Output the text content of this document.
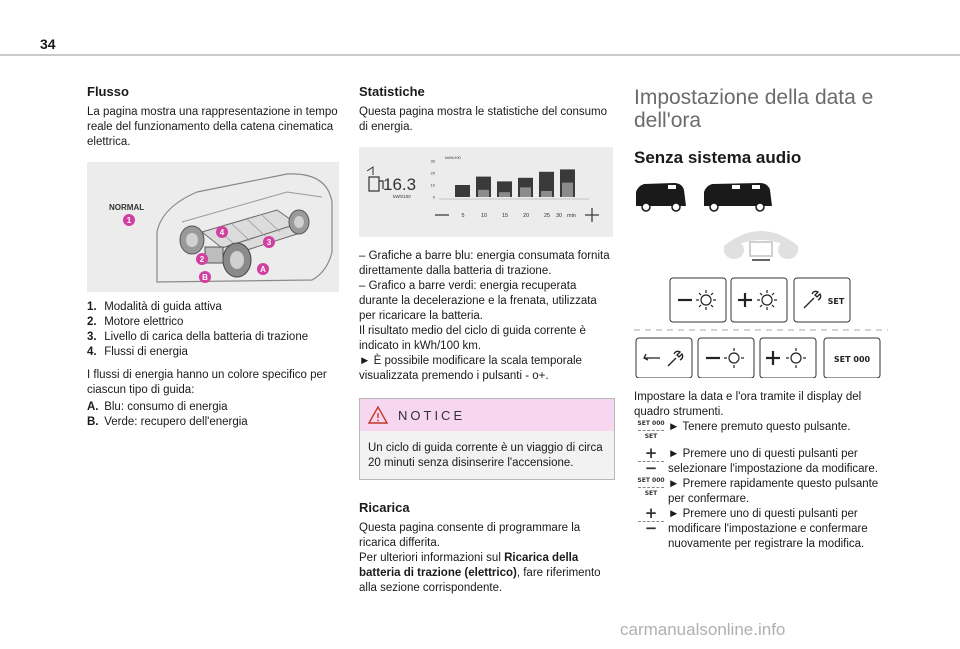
34
Flusso

La pagina mostra una rappresentazione in tempo reale del funzionamento della catena cinematica elettrica.

NORMAL
1
4
3
2
A
B
1. Modalità di guida attiva
2. Motore elettrico
3. Livello di carica della batteria di trazione
4. Flussi di energia

I flussi di energia hanno un colore specifico per ciascun tipo di guida:

A. Blu: consumo di energia
B. Verde: recupero dell'energia
Statistiche

Questa pagina mostra le statistiche del consumo di energia.

16.3
kWh/100
kWh/100
30
20
10
0
5	10	15	20	25 30 min

– Grafiche a barre blu: energia consumata fornita direttamente dalla batteria di trazione.

– Grafico a barre verdi: energia recuperata durante la decelerazione e la frenata, utilizzata per ricaricare la batteria.

Il risultato medio del ciclo di guida corrente è indicato in kWh/100 km.

► È possibile modificare la scala temporale visualizzata premendo i pulsanti - o+.

NOTICE
Un ciclo di guida corrente è un viaggio di circa 20 minuti senza disinserire l'accensione.
Ricarica

Questa pagina consente di programmare la ricarica differita.

Per ulteriori informazioni sul Ricarica della batteria di trazione (elettrico), fare riferimento alla sezione corrispondente.

Impostazione della data e dell'ora
Senza sistema audio
SET
SET 000

Impostare la data e l'ora tramite il display del quadro strumenti.

SET 000
SET
► Tenere premuto questo pulsante.
+
−
► Premere uno di questi pulsanti per selezionare l'impostazione da modificare.
SET 000
SET
► Premere rapidamente questo pulsante per confermare.
+
−
► Premere uno di questi pulsanti per modificare l'impostazione e confermare nuovamente per registrare la modifica.
carmanualsonline.info
